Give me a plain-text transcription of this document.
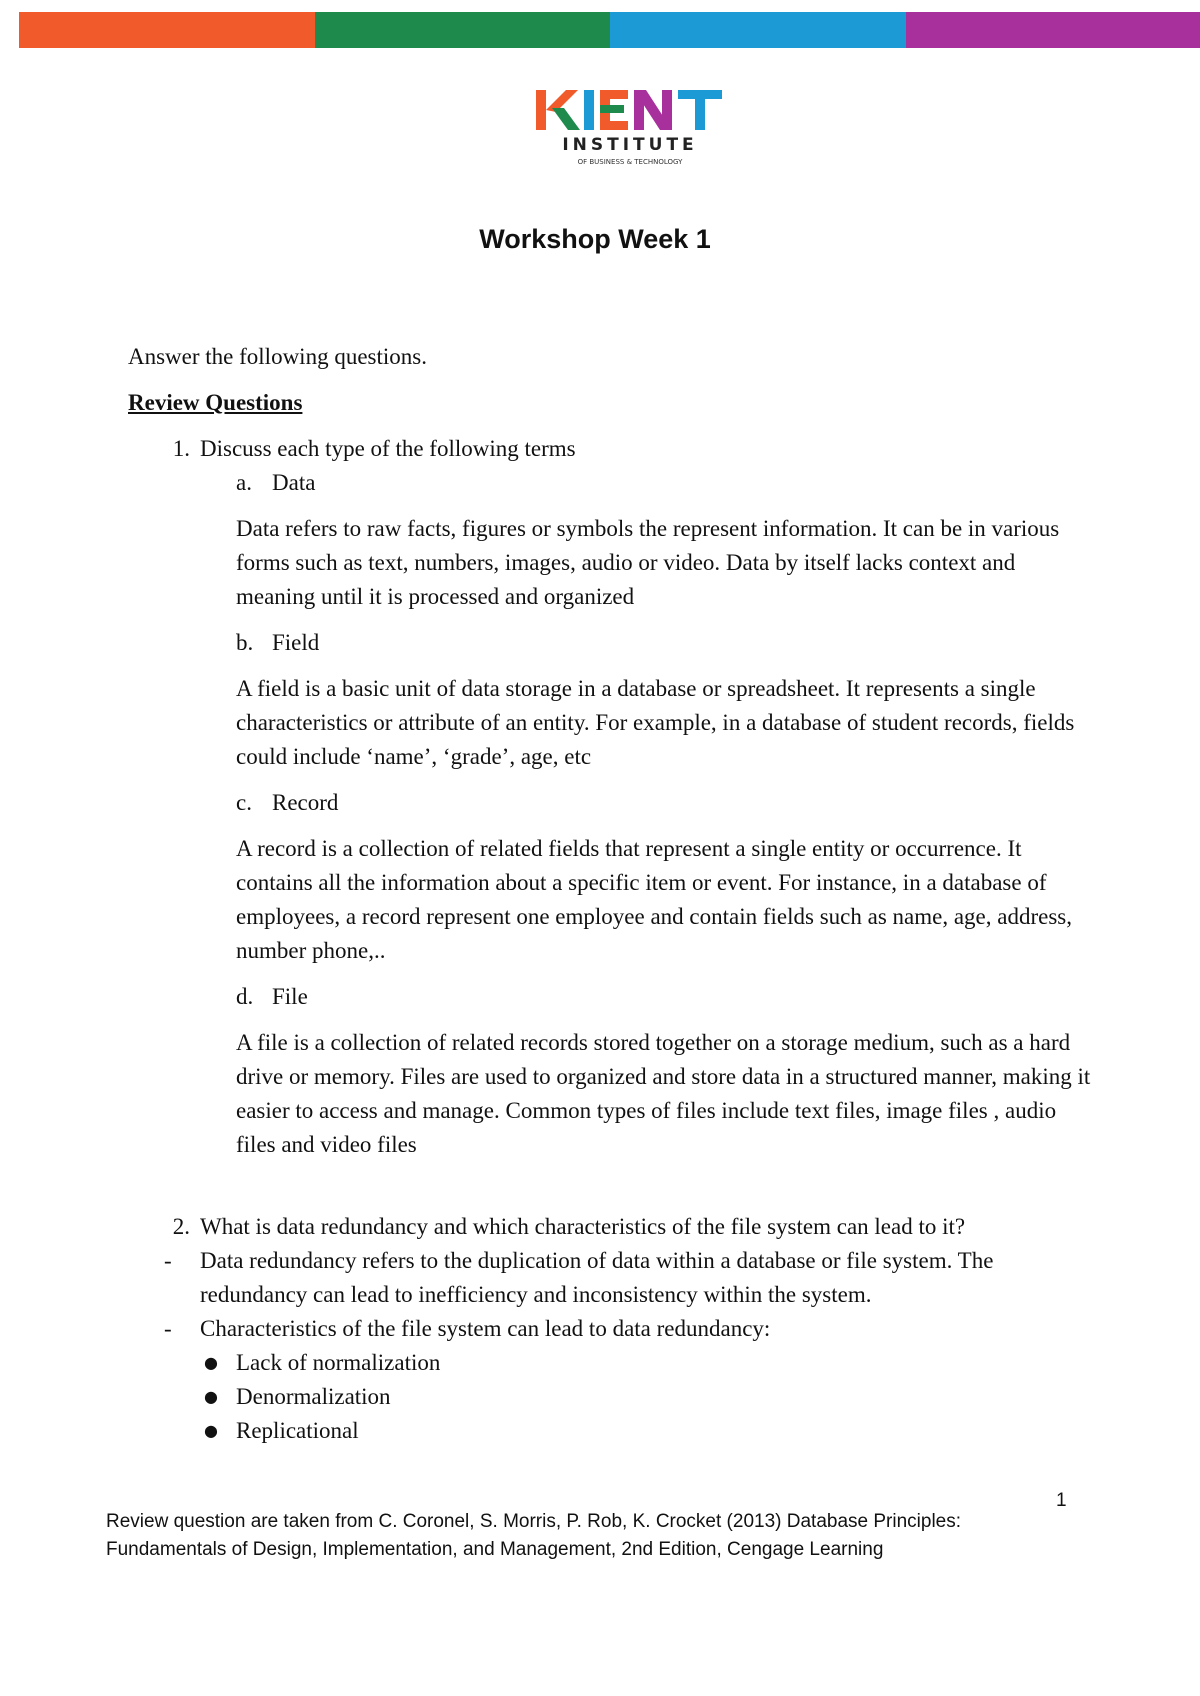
INSTITUTE
OF BUSINESS & TECHNOLOGY
Workshop Week 1

Answer the following questions.

Review Questions

1. Discuss each type of the following terms
a. Data

Data refers to raw facts, figures or symbols the represent information. It can be in various forms such as text, numbers, images, audio or video. Data by itself lacks context and meaning until it is processed and organized

b. Field

A field is a basic unit of data storage in a database or spreadsheet. It represents a single characteristics or attribute of an entity. For example, in a database of student records, fields could include ‘name’, ‘grade’, age, etc

c. Record

A record is a collection of related fields that represent a single entity or occurrence. It contains all the information about a specific item or event. For instance, in a database of employees, a record represent one employee and contain fields such as name, age, address, number phone,..

d. File

A file is a collection of related records stored together on a storage medium, such as a hard drive or memory. Files are used to organized and store data in a structured manner, making it easier to access and manage. Common types of files include text files, image files , audio files and video files

2. What is data redundancy and which characteristics of the file system can lead to it?
-	Data redundancy refers to the duplication of data within a database or file system. The redundancy can lead to inefficiency and inconsistency within the system.
-	Characteristics of the file system can lead to data redundancy:
● Lack of normalization
● Denormalization
● Replicational
1
Review question are taken from C. Coronel, S. Morris, P. Rob, K. Crocket (2013) Database Principles: Fundamentals of Design, Implementation, and Management, 2nd Edition, Cengage Learning
